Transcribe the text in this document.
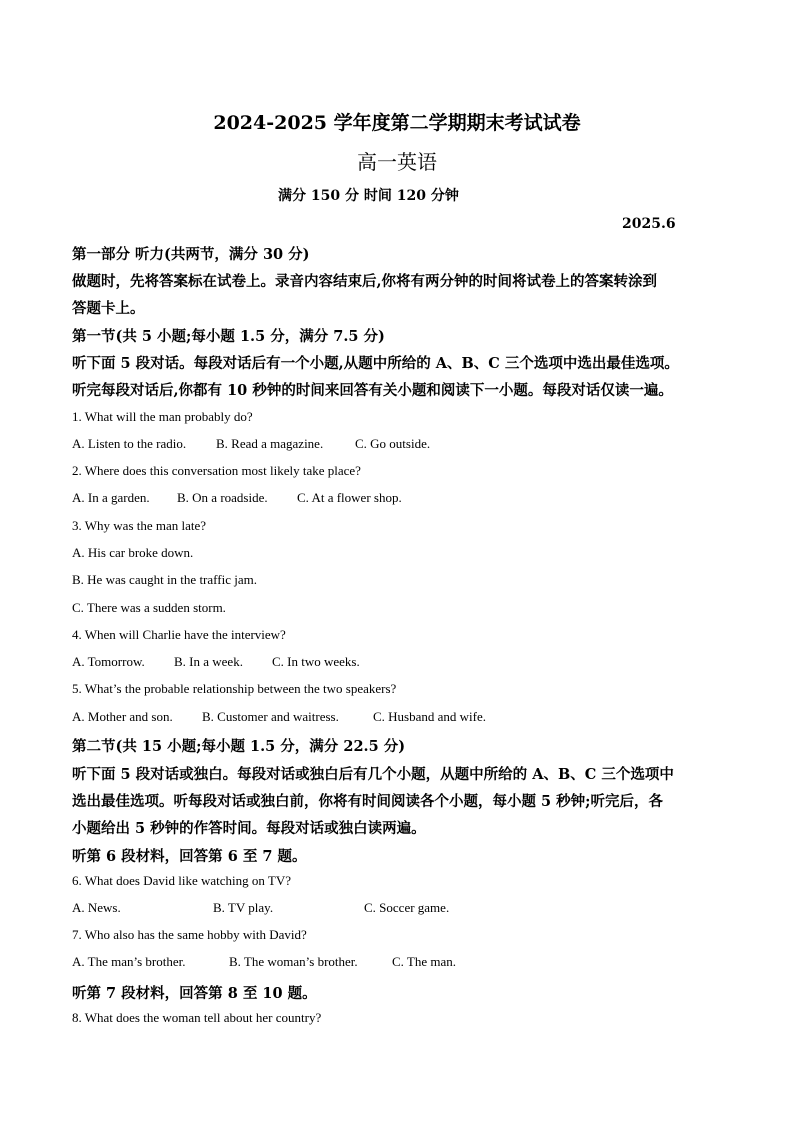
2024-2025 学年度第二学期期末考试试卷
高一英语
满分 150 分 时间 120 分钟
2025.6
第一部分 听力(共两节，满分 30 分)
做题时，先将答案标在试卷上。录音内容结束后,你将有两分钟的时间将试卷上的答案转涂到
答题卡上。
第一节(共 5 小题;每小题 1.5 分，满分 7.5 分)
听下面 5 段对话。每段对话后有一个小题,从题中所给的 A、B、C 三个选项中选出最佳选项。
听完每段对话后,你都有 10 秒钟的时间来回答有关小题和阅读下一小题。每段对话仅读一遍。
1. What will the man probably do?
A. Listen to the radio. B. Read a magazine. C. Go outside.
2. Where does this conversation most likely take place?
A. In a garden. B. On a roadside. C. At a flower shop.
3. Why was the man late?
A. His car broke down.
B. He was caught in the traffic jam.
C. There was a sudden storm.
4. When will Charlie have the interview?
A. Tomorrow. B. In a week. C. In two weeks.
5. What’s the probable relationship between the two speakers?
A. Mother and son. B. Customer and waitress.	C. Husband and wife.
第二节(共 15 小题;每小题 1.5 分，满分 22.5 分)
听下面 5 段对话或独白。每段对话或独白后有几个小题，从题中所给的 A、B、C 三个选项中
选出最佳选项。听每段对话或独白前，你将有时间阅读各个小题，每小题 5 秒钟;听完后，各
小题给出 5 秒钟的作答时间。每段对话或独白读两遍。
听第 6 段材料，回答第 6 至 7 题。
6. What does David like watching on TV?
A. News.	B. TV play.	C. Soccer game.
7. Who also has the same hobby with David?
A. The man’s brother.	B. The woman’s brother.	C. The man.
听第 7 段材料，回答第 8 至 10 题。
8. What does the woman tell about her country?
